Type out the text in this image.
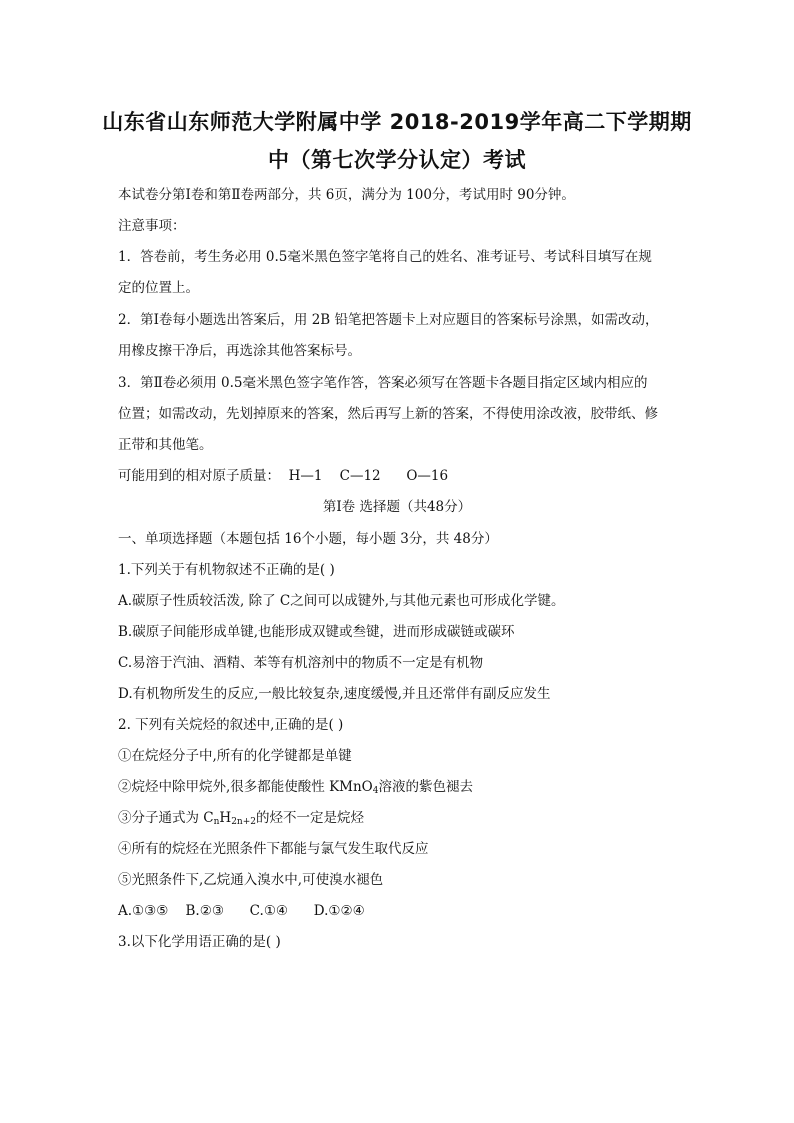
山东省山东师范大学附属中学 2018-2019学年高二下学期期
中（第七次学分认定）考试
本试卷分第Ⅰ卷和第Ⅱ卷两部分，共 6页，满分为 100分，考试用时 90分钟。
注意事项：
1．答卷前，考生务必用 0.5毫米黑色签字笔将自己的姓名、准考证号、考试科目填写在规
定的位置上。
2．第Ⅰ卷每小题选出答案后，用 2B 铅笔把答题卡上对应题目的答案标号涂黑，如需改动，
用橡皮擦干净后，再选涂其他答案标号。
3．第Ⅱ卷必须用 0.5毫米黑色签字笔作答，答案必须写在答题卡各题目指定区域内相应的
位置；如需改动，先划掉原来的答案，然后再写上新的答案，不得使用涂改液，胶带纸、修
正带和其他笔。
可能用到的相对原子质量：  H—1    C—12      O—16
第Ⅰ卷 选择题（共48分）
一、单项选择题（本题包括 16个小题，每小题 3分，共 48分）
1.下列关于有机物叙述不正确的是( )
A.碳原子性质较活泼, 除了 C之间可以成键外,与其他元素也可形成化学键。
B.碳原子间能形成单键,也能形成双键或叁键，进而形成碳链或碳环
C.易溶于汽油、酒精、苯等有机溶剂中的物质不一定是有机物
D.有机物所发生的反应,一般比较复杂,速度缓慢,并且还常伴有副反应发生
2. 下列有关烷烃的叙述中,正确的是( )
①在烷烃分子中,所有的化学键都是单键
②烷烃中除甲烷外,很多都能使酸性 KMnO$_4$溶液的紫色褪去
③分子通式为 $C_nH_{2n+2}$的烃不一定是烷烃
④所有的烷烃在光照条件下都能与氯气发生取代反应
⑤光照条件下,乙烷通入溴水中,可使溴水褪色
A.①③⑤    B.②③      C.①④      D.①②④
3.以下化学用语正确的是( )
